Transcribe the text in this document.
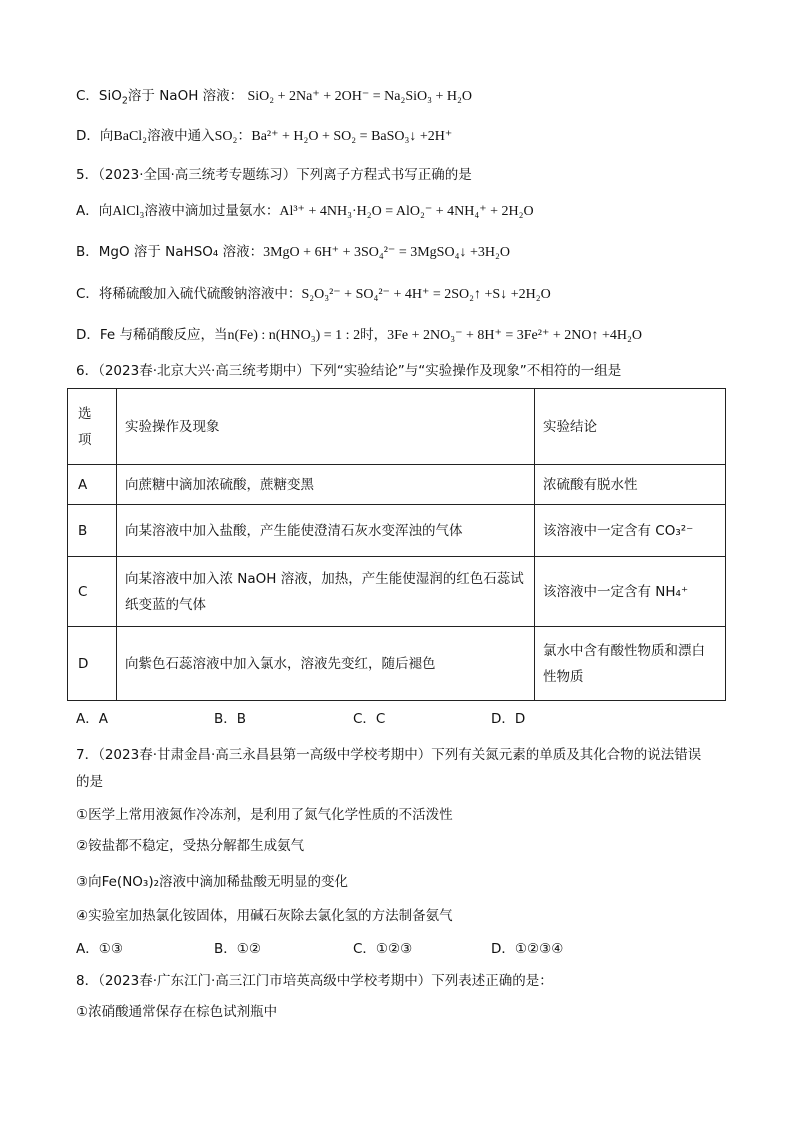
C．SiO$_2$溶于 NaOH 溶液： SiO₂ + 2Na⁺ + 2OH⁻ = Na₂SiO₃ + H₂O
D．向BaCl₂溶液中通入SO₂：Ba²⁺ + H₂O + SO₂ = BaSO₃↓ +2H⁺
5．（2023·全国·高三统考专题练习）下列离子方程式书写正确的是
A．向AlCl₃溶液中滴加过量氨水：Al³⁺ + 4NH₃·H₂O = AlO₂⁻ + 4NH₄⁺ + 2H₂O
B．MgO 溶于 NaHSO₄ 溶液：3MgO + 6H⁺ + 3SO₄²⁻ = 3MgSO₄↓ +3H₂O
C．将稀硫酸加入硫代硫酸钠溶液中：S₂O₃²⁻ + SO₄²⁻ + 4H⁺ = 2SO₂↑ +S↓ +2H₂O
D．Fe 与稀硝酸反应，当n(Fe) : n(HNO₃) = 1 : 2时，3Fe + 2NO₃⁻ + 8H⁺ = 3Fe²⁺ + 2NO↑ +4H₂O
6．（2023春·北京大兴·高三统考期中）下列“实验结论”与“实验操作及现象”不相符的一组是
选
项	实验操作及现象	实验结论
A	向蔗糖中滴加浓硫酸，蔗糖变黑	浓硫酸有脱水性
B	向某溶液中加入盐酸，产生能使澄清石灰水变浑浊的气体	该溶液中一定含有 CO₃²⁻
C	向某溶液中加入浓 NaOH 溶液，加热，产生能使湿润的红色石蕊试
纸变蓝的气体	该溶液中一定含有 NH₄⁺
D	向紫色石蕊溶液中加入氯水，溶液先变红，随后褪色	氯水中含有酸性物质和漂白
性物质
A．A	B．B	C．C	D．D
7．（2023春·甘肃金昌·高三永昌县第一高级中学校考期中）下列有关氮元素的单质及其化合物的说法错误
的是
①医学上常用液氮作冷冻剂，是利用了氮气化学性质的不活泼性
②铵盐都不稳定，受热分解都生成氨气
③向Fe(NO₃)₂溶液中滴加稀盐酸无明显的变化
④实验室加热氯化铵固体，用碱石灰除去氯化氢的方法制备氨气
A．①③	B．①②	C．①②③	D．①②③④
8．（2023春·广东江门·高三江门市培英高级中学校考期中）下列表述正确的是：
①浓硝酸通常保存在棕色试剂瓶中
